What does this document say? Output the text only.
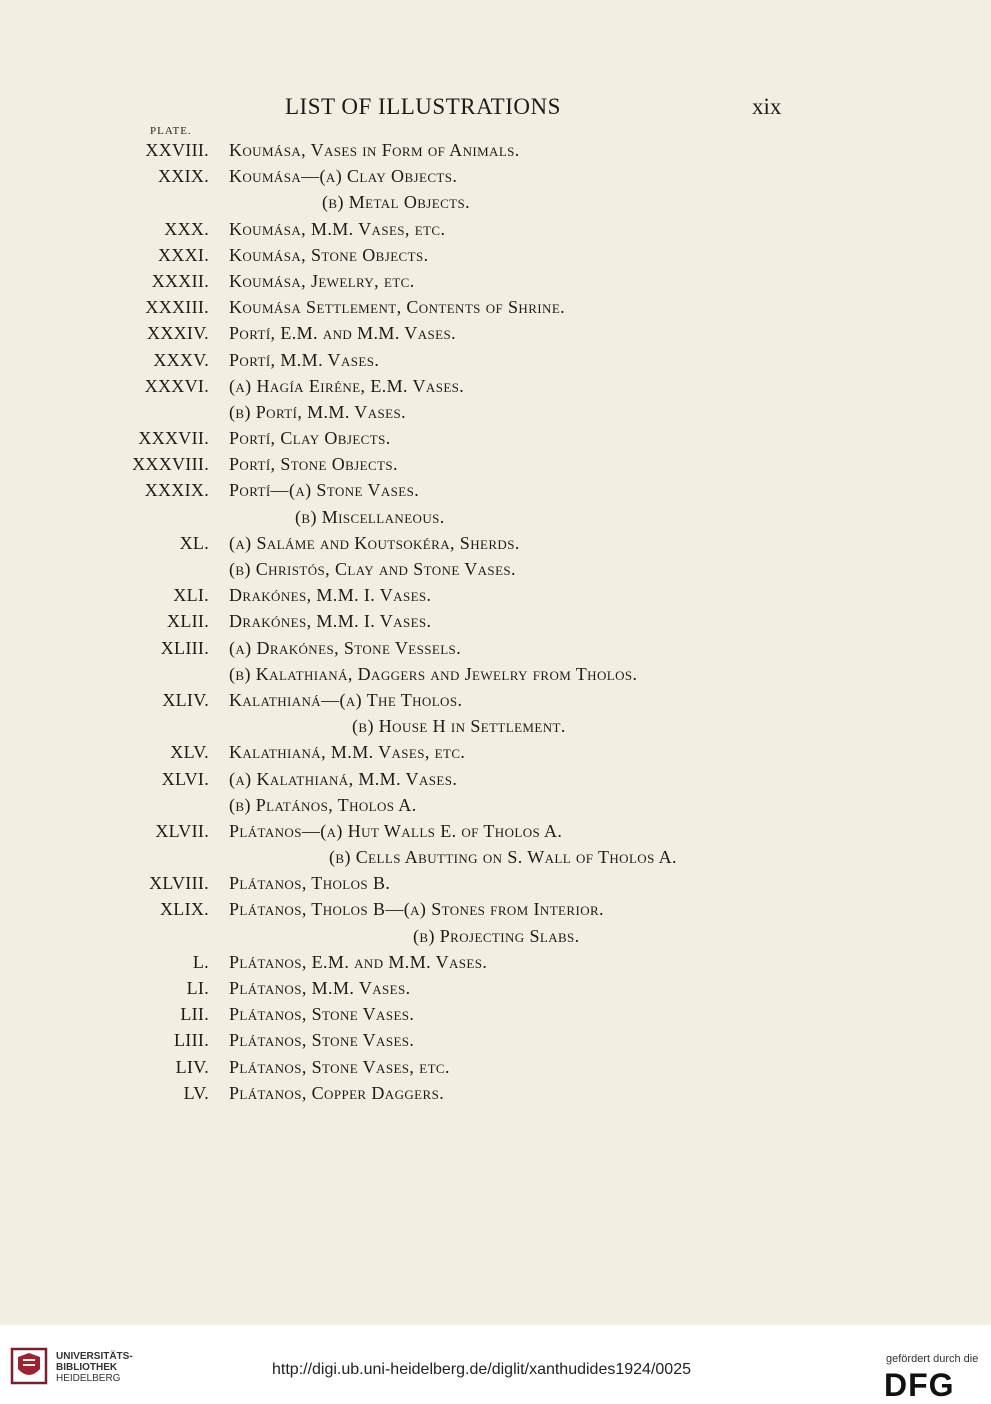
LIST OF ILLUSTRATIONS	xix
PLATE.
XXVIII. Koumása, Vases in Form of Animals.
XXIX. Koumása—(a) Clay Objects.
(b) Metal Objects.
XXX. Koumása, M.M. Vases, etc.
XXXI. Koumása, Stone Objects.
XXXII. Koumása, Jewelry, etc.
XXXIII. Koumása Settlement, Contents of Shrine.
XXXIV. Portí, E.M. and M.M. Vases.
XXXV. Portí, M.M. Vases.
XXXVI. (a) Hagía Eiréne, E.M. Vases.
(b) Portí, M.M. Vases.
XXXVII. Portí, Clay Objects.
XXXVIII. Portí, Stone Objects.
XXXIX. Portí—(a) Stone Vases.
(b) Miscellaneous.
XL. (a) Saláme and Koutsokéra, Sherds.
(b) Christós, Clay and Stone Vases.
XLI. Drakónes, M.M. I. Vases.
XLII. Drakónes, M.M. I. Vases.
XLIII. (a) Drakónes, Stone Vessels.
(b) Kalathianá, Daggers and Jewelry from Tholos.
XLIV. Kalathianá—(a) The Tholos.
(b) House H in Settlement.
XLV. Kalathianá, M.M. Vases, etc.
XLVI. (a) Kalathianá, M.M. Vases.
(b) Platános, Tholos A.
XLVII. Plátanos—(a) Hut Walls E. of Tholos A.
(b) Cells Abutting on S. Wall of Tholos A.
XLVIII. Plátanos, Tholos B.
XLIX. Plátanos, Tholos B—(a) Stones from Interior.
(b) Projecting Slabs.
L. Plátanos, E.M. and M.M. Vases.
LI. Plátanos, M.M. Vases.
LII. Plátanos, Stone Vases.
LIII. Plátanos, Stone Vases.
LIV. Plátanos, Stone Vases, etc.
LV. Plátanos, Copper Daggers.
UNIVERSITÄTS-
BIBLIOTHEK
HEIDELBERG
http://digi.ub.uni-heidelberg.de/diglit/xanthudides1924/0025
gefördert durch die
DFG
